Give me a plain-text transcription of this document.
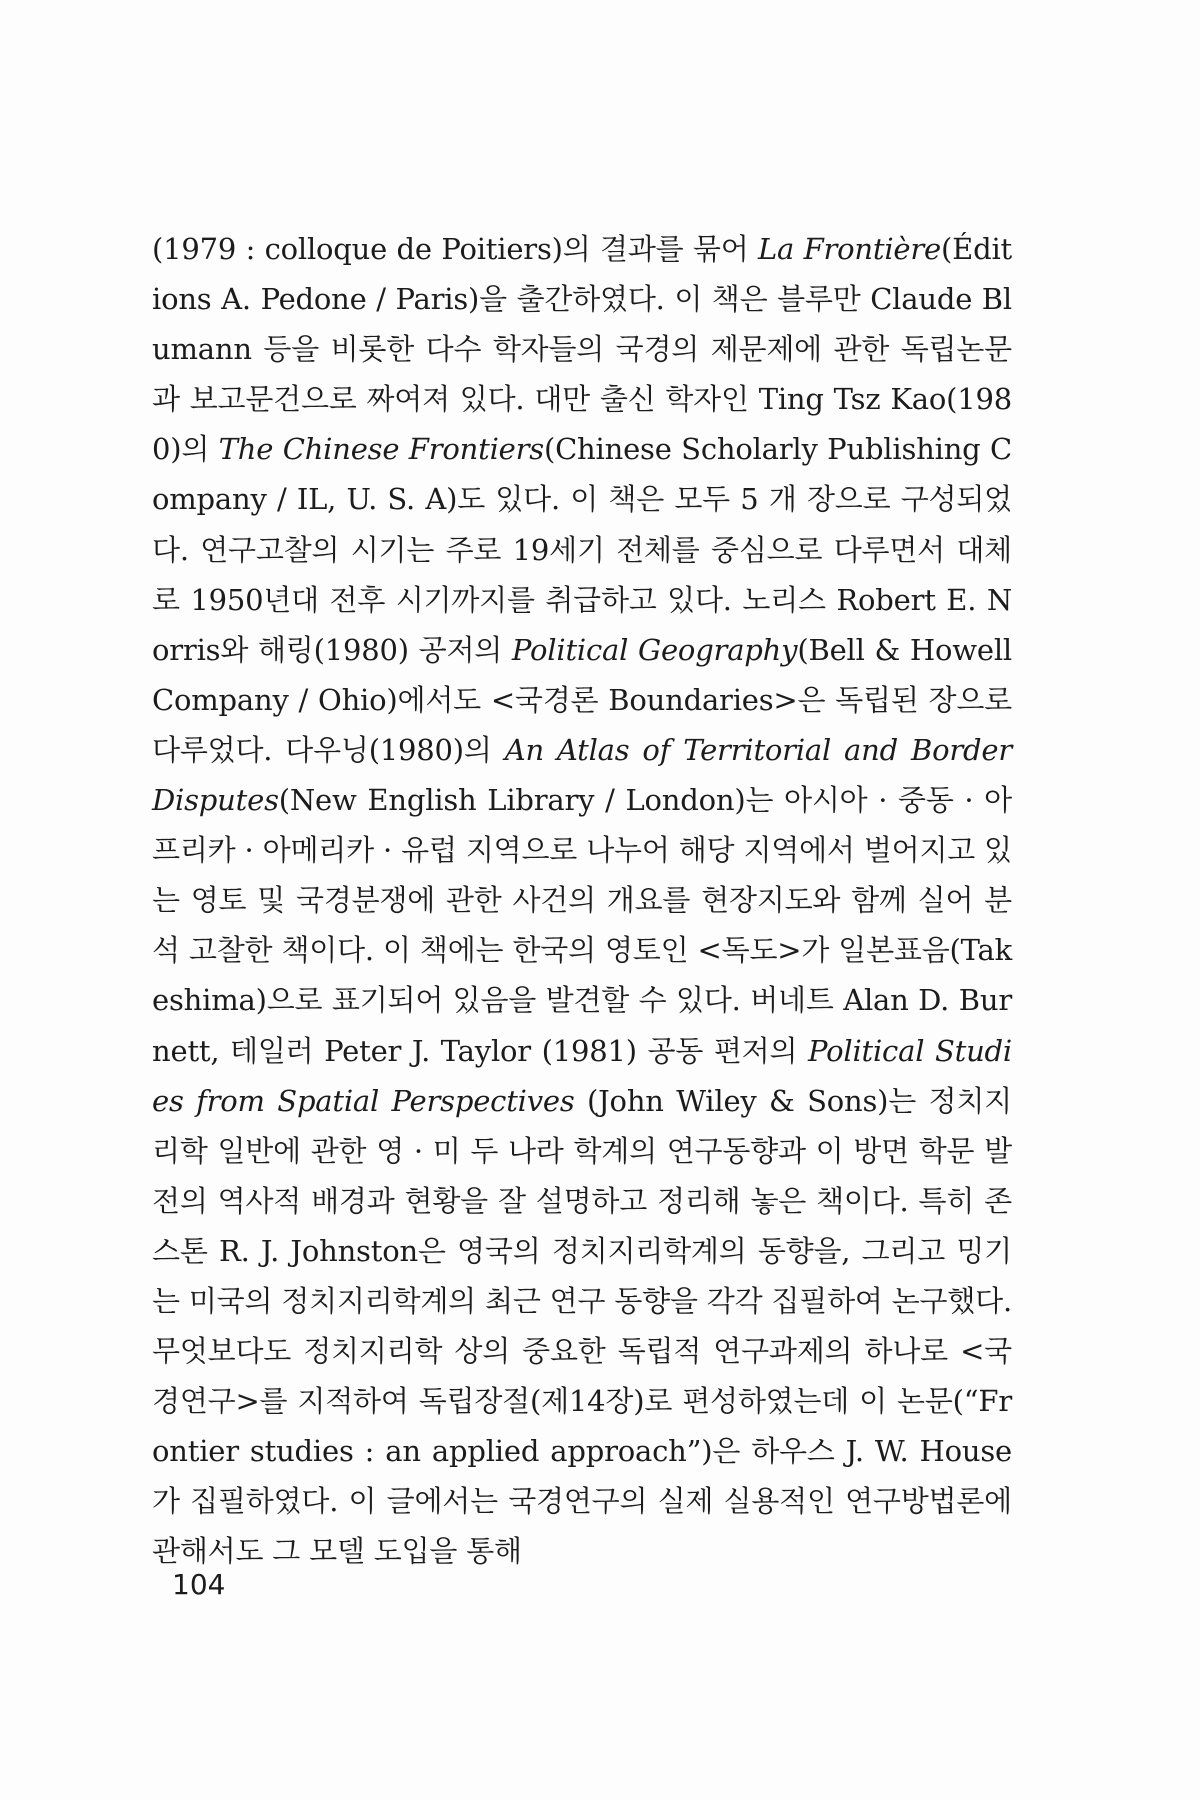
(1979 : colloque de Poitiers)의 결과를 묶어 La Frontière(Éditions A. Pedone / Paris)을 출간하였다. 이 책은 블루만 Claude Blumann 등을 비롯한 다수 학자들의 국경의 제문제에 관한 독립논문과 보고문건으로 짜여져 있다. 대만 출신 학자인 Ting Tsz Kao(1980)의 The Chinese Frontiers(Chinese Scholarly Publishing Company / IL, U. S. A)도 있다. 이 책은 모두 5 개 장으로 구성되었다. 연구고찰의 시기는 주로 19세기 전체를 중심으로 다루면서 대체로 1950년대 전후 시기까지를 취급하고 있다. 노리스 Robert E. Norris와 해링(1980) 공저의 Political Geography(Bell & Howell Company / Ohio)에서도 <국경론 Boundaries>은 독립된 장으로 다루었다. 다우닝(1980)의 An Atlas of Territorial and Border Disputes(New English Library / London)는 아시아 · 중동 · 아프리카 · 아메리카 · 유럽 지역으로 나누어 해당 지역에서 벌어지고 있는 영토 및 국경분쟁에 관한 사건의 개요를 현장지도와 함께 실어 분석 고찰한 책이다. 이 책에는 한국의 영토인 <독도>가 일본표음(Takeshima)으로 표기되어 있음을 발견할 수 있다. 버네트 Alan D. Burnett, 테일러 Peter J. Taylor (1981) 공동 편저의 Political Studies from Spatial Perspectives (John Wiley & Sons)는 정치지리학 일반에 관한 영 · 미 두 나라 학계의 연구동향과 이 방면 학문 발전의 역사적 배경과 현황을 잘 설명하고 정리해 놓은 책이다. 특히 존스톤 R. J. Johnston은 영국의 정치지리학계의 동향을, 그리고 밍기는 미국의 정치지리학계의 최근 연구 동향을 각각 집필하여 논구했다. 무엇보다도 정치지리학 상의 중요한 독립적 연구과제의 하나로 <국경연구>를 지적하여 독립장절(제14장)로 편성하였는데 이 논문(“Frontier studies : an applied approach”)은 하우스 J. W. House가 집필하였다. 이 글에서는 국경연구의 실제 실용적인 연구방법론에 관해서도 그 모델 도입을 통해

104
